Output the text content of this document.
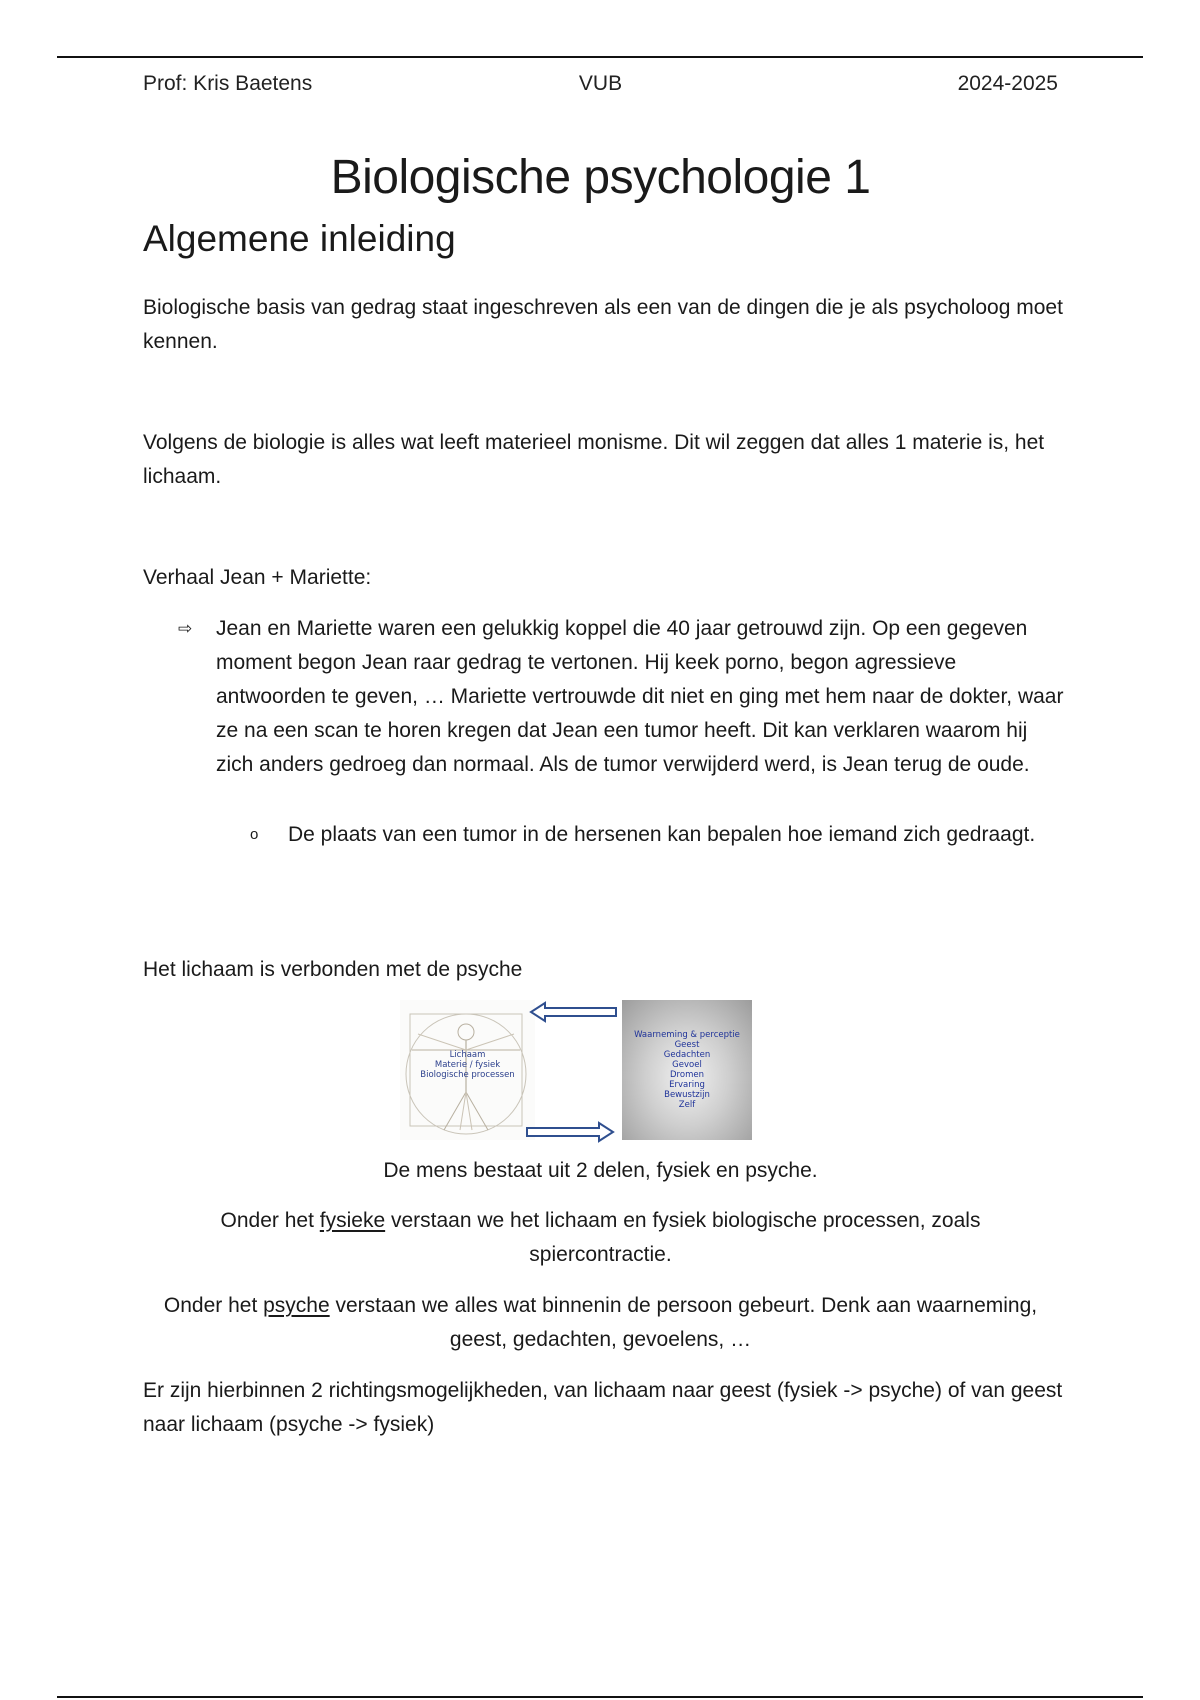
Prof: Kris Baetens	VUB	2024-2025
Biologische psychologie 1
Algemene inleiding

Biologische basis van gedrag staat ingeschreven als een van de dingen die je als psycholoog moet kennen.

Volgens de biologie is alles wat leeft materieel monisme. Dit wil zeggen dat alles 1 materie is, het lichaam.

Verhaal Jean + Mariette:

⇨	Jean en Mariette waren een gelukkig koppel die 40 jaar getrouwd zijn. Op een gegeven moment begon Jean raar gedrag te vertonen. Hij keek porno, begon agressieve antwoorden te geven, … Mariette vertrouwde dit niet en ging met hem naar de dokter, waar ze na een scan te horen kregen dat Jean een tumor heeft. Dit kan verklaren waarom hij zich anders gedroeg dan normaal. Als de tumor verwijderd werd, is Jean terug de oude.
o De plaats van een tumor in de hersenen kan bepalen hoe iemand zich gedraagt.

Het lichaam is verbonden met de psyche

Lichaam
Materie / fysiek
Biologische processen
Waarneming & perceptie
Geest
Gedachten
Gevoel
Dromen
Ervaring
Bewustzijn
Zelf

De mens bestaat uit 2 delen, fysiek en psyche.

Onder het fysieke verstaan we het lichaam en fysiek biologische processen, zoals spiercontractie.

Onder het psyche verstaan we alles wat binnenin de persoon gebeurt. Denk aan waarneming, geest, gedachten, gevoelens, …

Er zijn hierbinnen 2 richtingsmogelijkheden, van lichaam naar geest (fysiek -> psyche) of van geest naar lichaam (psyche -> fysiek)
